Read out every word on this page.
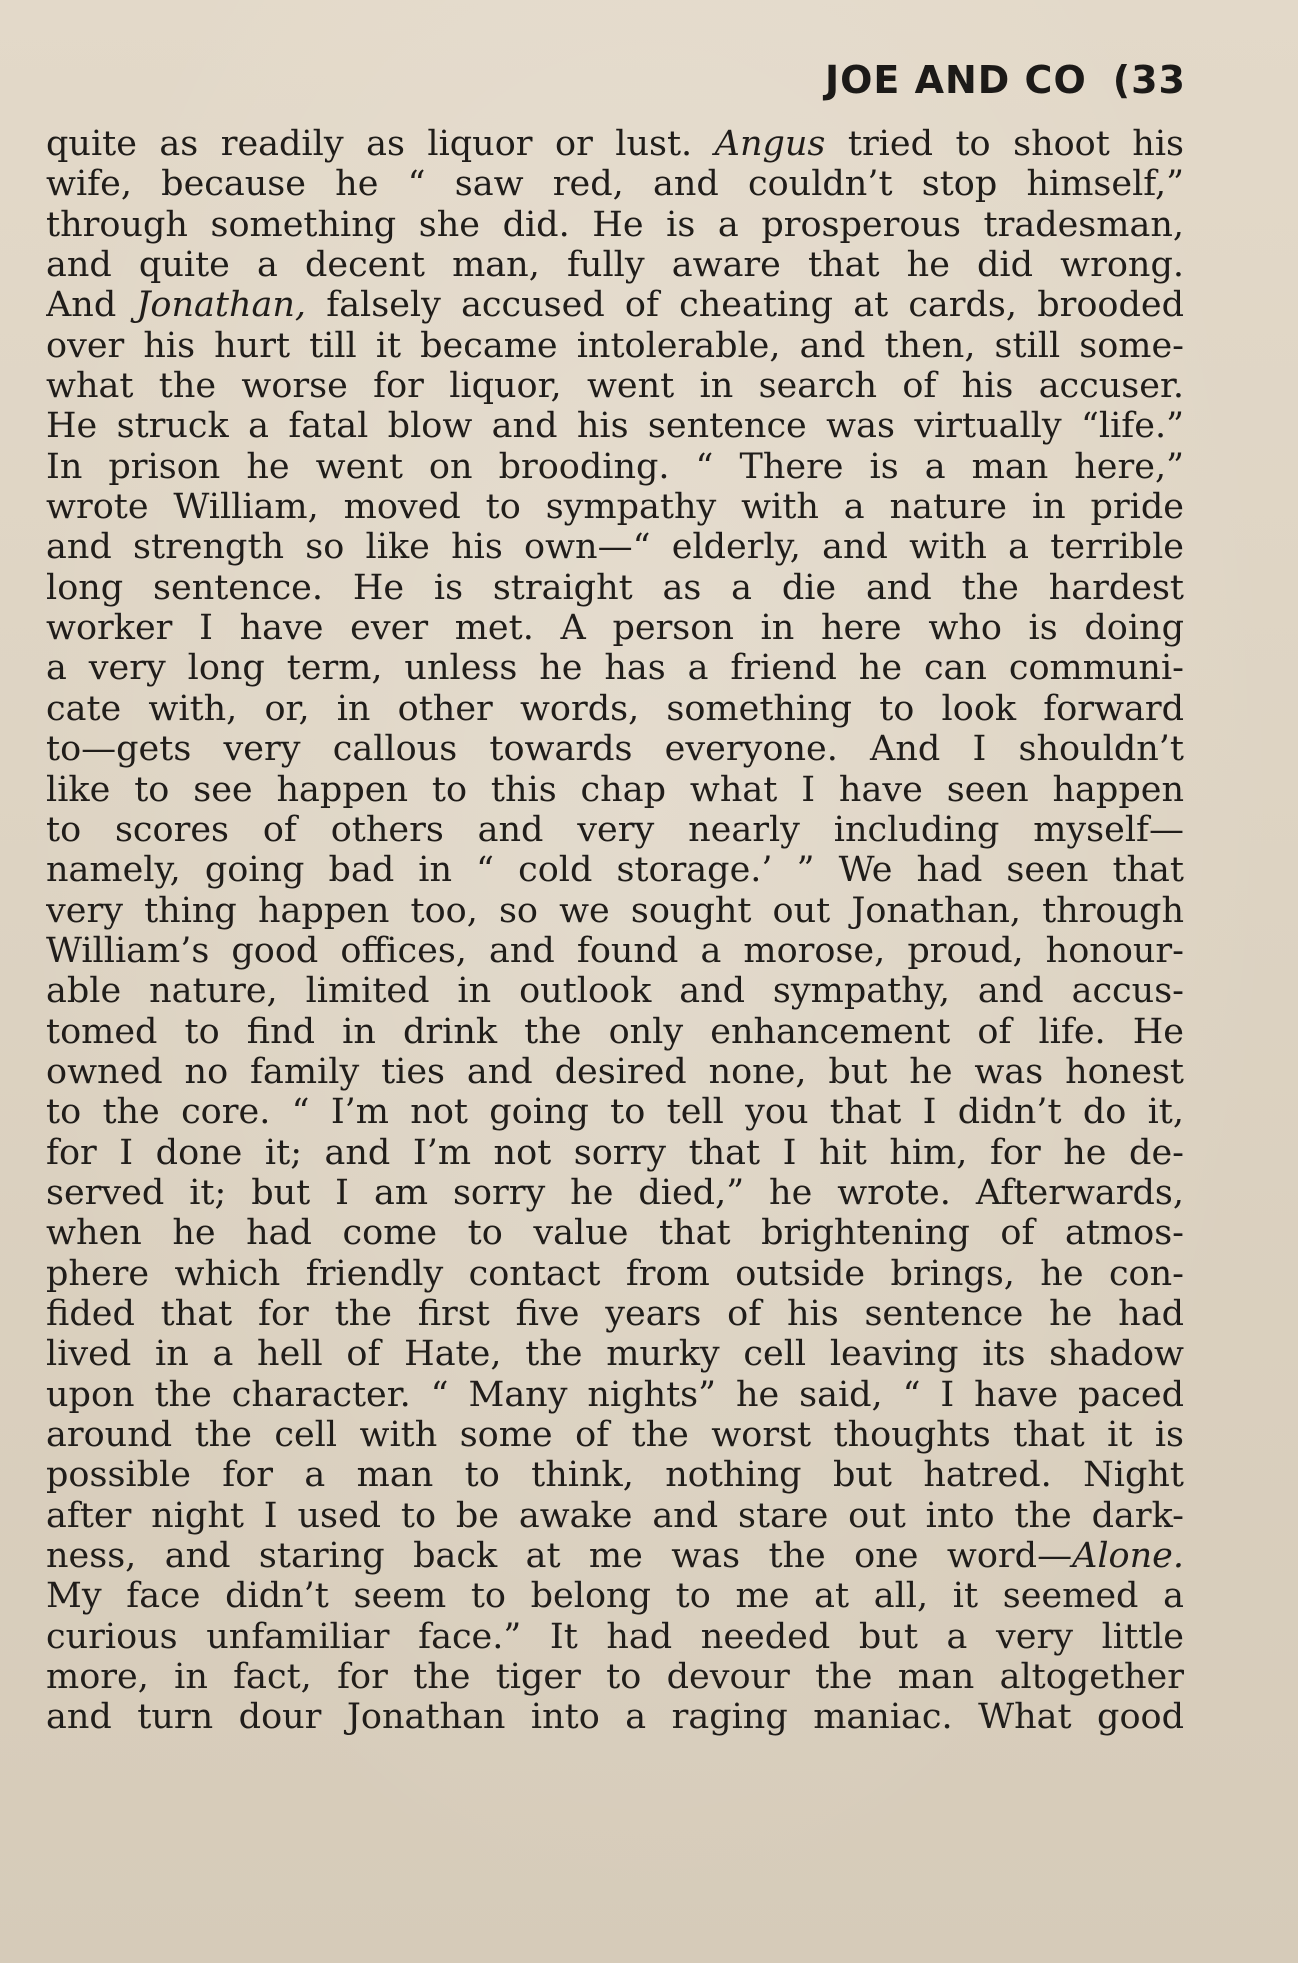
JOE AND CO (33
quite as readily as liquor or lust. Angus tried to shoot his
wife, because he “ saw red, and couldn’t stop himself,”
through something she did. He is a prosperous tradesman,
and quite a decent man, fully aware that he did wrong.
And Jonathan, falsely accused of cheating at cards, brooded
over his hurt till it became intolerable, and then, still some-
what the worse for liquor, went in search of his accuser.
He struck a fatal blow and his sentence was virtually “life.”
In prison he went on brooding. “ There is a man here,”
wrote William, moved to sympathy with a nature in pride
and strength so like his own—“ elderly, and with a terrible
long sentence. He is straight as a die and the hardest
worker I have ever met. A person in here who is doing
a very long term, unless he has a friend he can communi-
cate with, or, in other words, something to look forward
to—gets very callous towards everyone. And I shouldn’t
like to see happen to this chap what I have seen happen
to scores of others and very nearly including myself—
namely, going bad in “ cold storage.’ ” We had seen that
very thing happen too, so we sought out Jonathan, through
William’s good offices, and found a morose, proud, honour-
able nature, limited in outlook and sympathy, and accus-
tomed to find in drink the only enhancement of life. He
owned no family ties and desired none, but he was honest
to the core. “ I’m not going to tell you that I didn’t do it,
for I done it; and I’m not sorry that I hit him, for he de-
served it; but I am sorry he died,” he wrote. Afterwards,
when he had come to value that brightening of atmos-
phere which friendly contact from outside brings, he con-
fided that for the first five years of his sentence he had
lived in a hell of Hate, the murky cell leaving its shadow
upon the character. “ Many nights” he said, “ I have paced
around the cell with some of the worst thoughts that it is
possible for a man to think, nothing but hatred. Night
after night I used to be awake and stare out into the dark-
ness, and staring back at me was the one word—Alone.
My face didn’t seem to belong to me at all, it seemed a
curious unfamiliar face.” It had needed but a very little
more, in fact, for the tiger to devour the man altogether
and turn dour Jonathan into a raging maniac. What good
